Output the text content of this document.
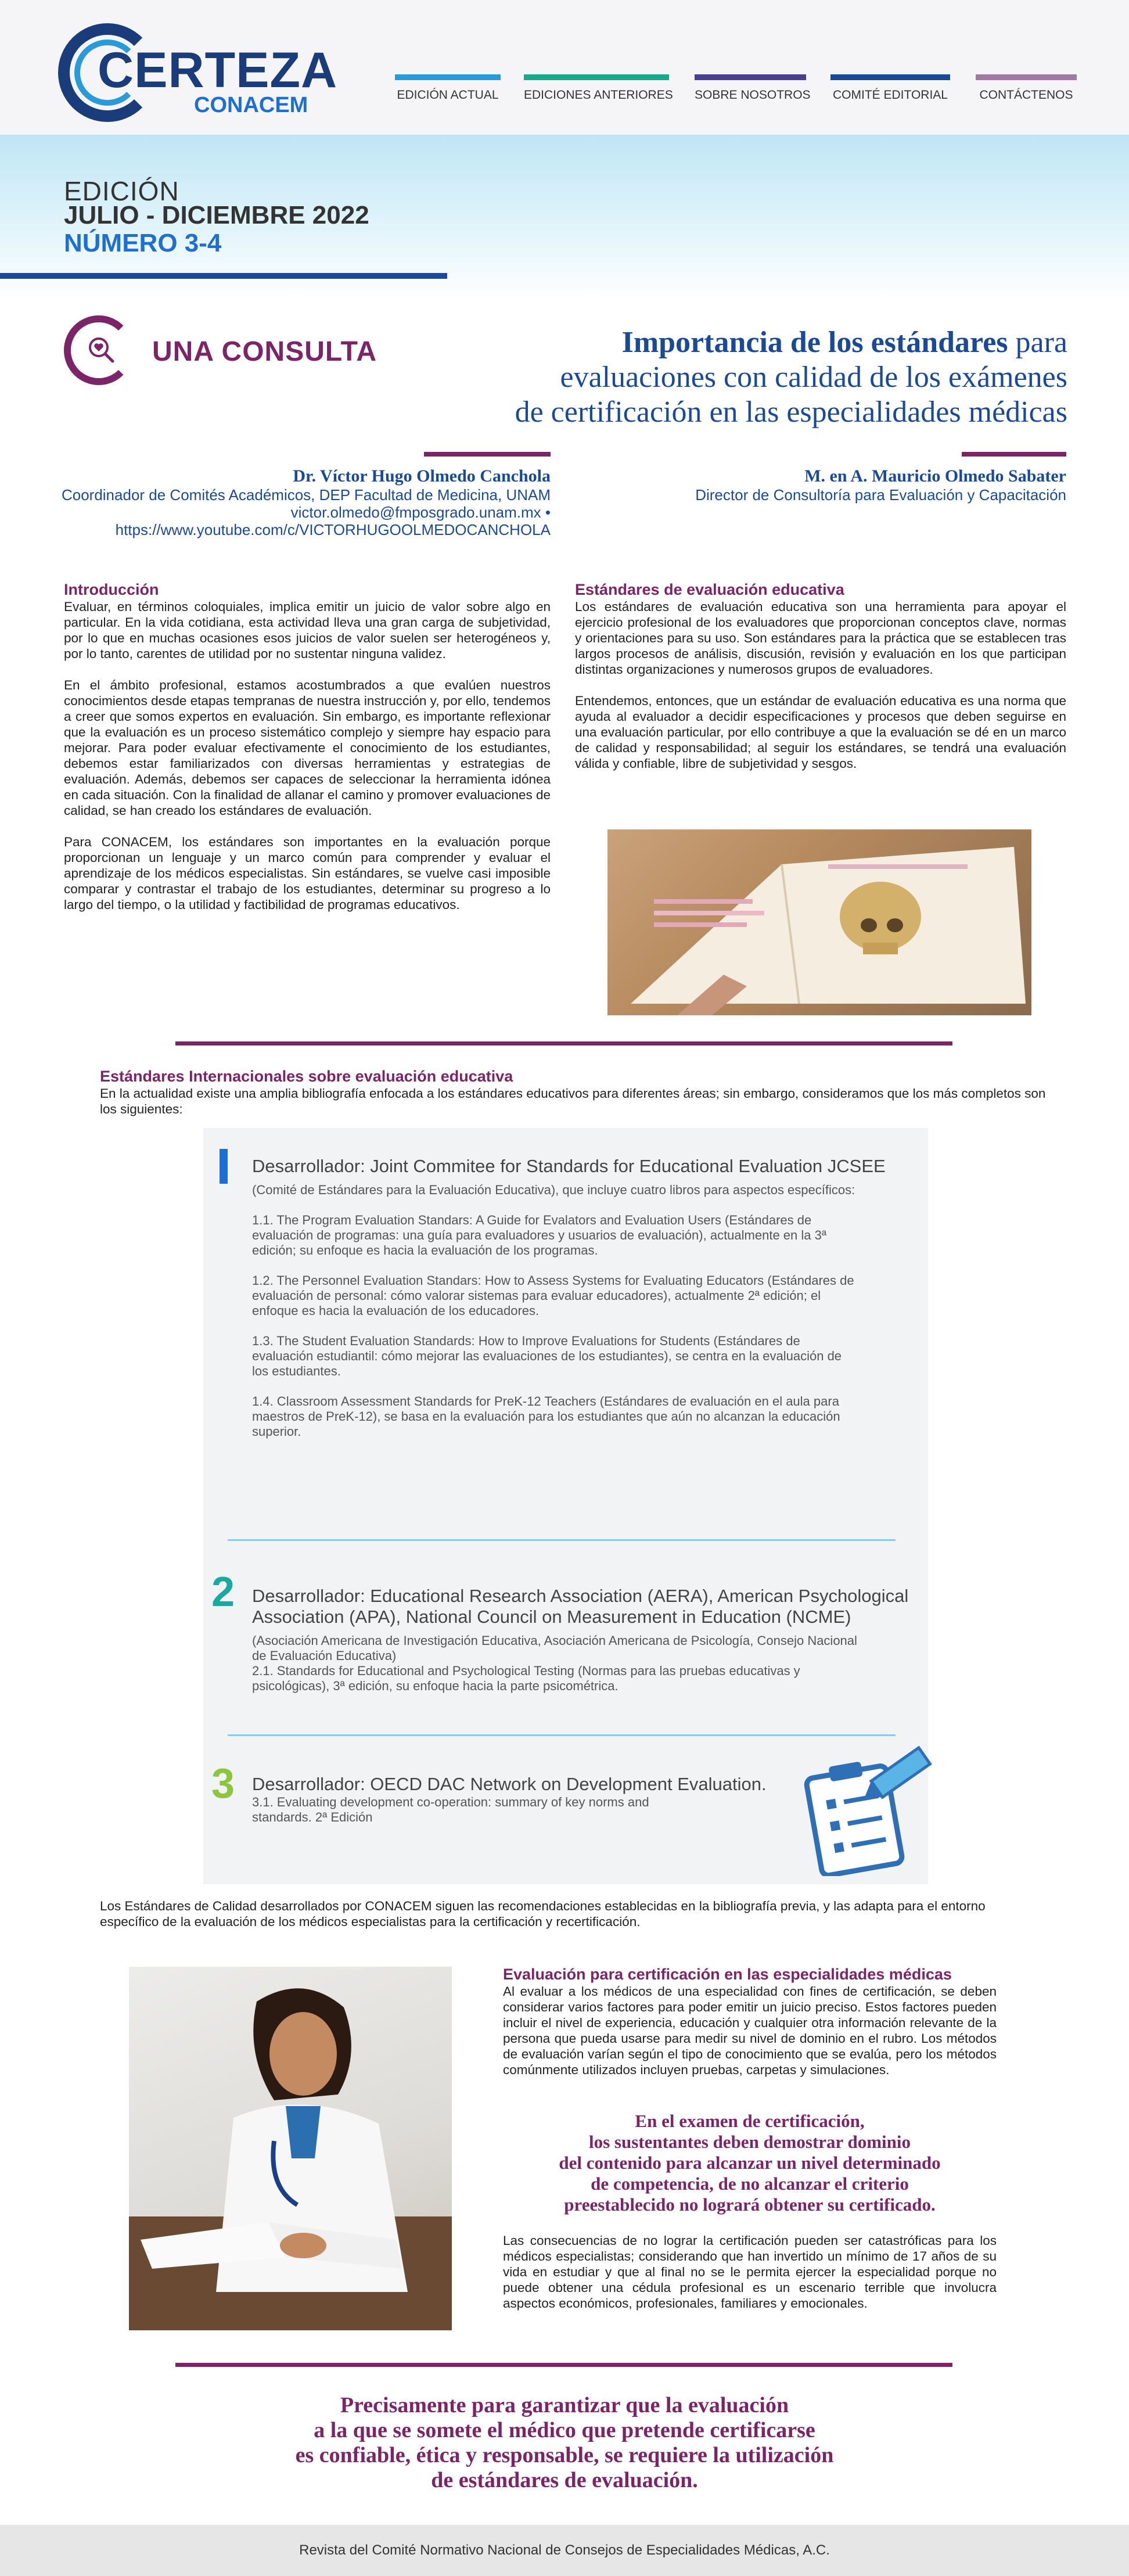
CERTEZA
CONACEM	EDICIÓN ACTUAL EDICIONES ANTERIORES SOBRE NOSOTROS COMITÉ EDITORIAL	CONTÁCTENOS
EDICIÓN
JULIO - DICIEMBRE 2022
NÚMERO 3-4
UNA CONSULTA	Importancia de los estándares para
evaluaciones con calidad de los exámenes
de certificación en las especialidades médicas
Dr. Víctor Hugo Olmedo Canchola
Coordinador de Comités Académicos, DEP Facultad de Medicina, UNAM
victor.olmedo@fmposgrado.unam.mx •
https://www.youtube.com/c/VICTORHUGOOLMEDOCANCHOLA
M. en A. Mauricio Olmedo Sabater
Director de Consultoría para Evaluación y Capacitación
Introducción
Evaluar, en términos coloquiales, implica emitir un juicio de valor sobre algo en particular. En la vida cotidiana, esta actividad lleva una gran carga de subjetividad, por lo que en muchas ocasiones esos juicios de valor suelen ser heterogéneos y, por lo tanto, carentes de utilidad por no sustentar ninguna validez.
En el ámbito profesional, estamos acostumbrados a que evalúen nuestros conocimientos desde etapas tempranas de nuestra instrucción y, por ello, tendemos a creer que somos expertos en evaluación. Sin embargo, es importante reflexionar que la evaluación es un proceso sistemático complejo y siempre hay espacio para mejorar. Para poder evaluar efectivamente el conocimiento de los estudiantes, debemos estar familiarizados con diversas herramientas y estrategias de evaluación. Además, debemos ser capaces de seleccionar la herramienta idónea en cada situación. Con la finalidad de allanar el camino y promover evaluaciones de calidad, se han creado los estándares de evaluación.
Para CONACEM, los estándares son importantes en la evaluación porque proporcionan un lenguaje y un marco común para comprender y evaluar el aprendizaje de los médicos especialistas. Sin estándares, se vuelve casi imposible comparar y contrastar el trabajo de los estudiantes, determinar su progreso a lo largo del tiempo, o la utilidad y factibilidad de programas educativos.
Estándares de evaluación educativa
Los estándares de evaluación educativa son una herramienta para apoyar el ejercicio profesional de los evaluadores que proporcionan conceptos clave, normas y orientaciones para su uso. Son estándares para la práctica que se establecen tras largos procesos de análisis, discusión, revisión y evaluación en los que participan distintas organizaciones y numerosos grupos de evaluadores.
Entendemos, entonces, que un estándar de evaluación educativa es una norma que ayuda al evaluador a decidir especificaciones y procesos que deben seguirse en una evaluación particular, por ello contribuye a que la evaluación se dé en un marco de calidad y responsabilidad; al seguir los estándares, se tendrá una evaluación válida y confiable, libre de subjetividad y sesgos.
Estándares Internacionales sobre evaluación educativa
En la actualidad existe una amplia bibliografía enfocada a los estándares educativos para diferentes áreas; sin embargo, consideramos que los más completos son los siguientes:
Desarrollador: Joint Commitee for Standards for Educational Evaluation JCSEE
(Comité de Estándares para la Evaluación Educativa), que incluye cuatro libros para aspectos específicos:
1.1. The Program Evaluation Standars: A Guide for Evalators and Evaluation Users (Estándares de evaluación de programas: una guía para evaluadores y usuarios de evaluación), actualmente en la 3ª edición; su enfoque es hacia la evaluación de los programas.
1.2. The Personnel Evaluation Standars: How to Assess Systems for Evaluating Educators (Estándares de evaluación de personal: cómo valorar sistemas para evaluar educadores), actualmente 2ª edición; el enfoque es hacia la evaluación de los educadores.
1.3. The Student Evaluation Standards: How to Improve Evaluations for Students (Estándares de evaluación estudiantil: cómo mejorar las evaluaciones de los estudiantes), se centra en la evaluación de los estudiantes.
1.4. Classroom Assessment Standards for PreK-12 Teachers (Estándares de evaluación en el aula para maestros de PreK-12), se basa en la evaluación para los estudiantes que aún no alcanzan la educación superior.
2 Desarrollador: Educational Research Association (AERA), American Psychological Association (APA), National Council on Measurement in Education (NCME)
(Asociación Americana de Investigación Educativa, Asociación Americana de Psicología, Consejo Nacional de Evaluación Educativa)
2.1. Standards for Educational and Psychological Testing (Normas para las pruebas educativas y psicológicas), 3ª edición, su enfoque hacia la parte psicométrica.
3 Desarrollador: OECD DAC Network on Development Evaluation.
3.1. Evaluating development co-operation: summary of key norms and standards. 2ª Edición
Los Estándares de Calidad desarrollados por CONACEM siguen las recomendaciones establecidas en la bibliografía previa, y las adapta para el entorno específico de la evaluación de los médicos especialistas para la certificación y recertificación.
Evaluación para certificación en las especialidades médicas
Al evaluar a los médicos de una especialidad con fines de certificación, se deben considerar varios factores para poder emitir un juicio preciso. Estos factores pueden incluir el nivel de experiencia, educación y cualquier otra información relevante de la persona que pueda usarse para medir su nivel de dominio en el rubro. Los métodos de evaluación varían según el tipo de conocimiento que se evalúa, pero los métodos comúnmente utilizados incluyen pruebas, carpetas y simulaciones.
En el examen de certificación,
los sustentantes deben demostrar dominio
del contenido para alcanzar un nivel determinado
de competencia, de no alcanzar el criterio
preestablecido no logrará obtener su certificado.
Las consecuencias de no lograr la certificación pueden ser catastróficas para los médicos especialistas; considerando que han invertido un mínimo de 17 años de su vida en estudiar y que al final no se le permita ejercer la especialidad porque no puede obtener una cédula profesional es un escenario terrible que involucra aspectos económicos, profesionales, familiares y emocionales.
Precisamente para garantizar que la evaluación
a la que se somete el médico que pretende certificarse
es confiable, ética y responsable, se requiere la utilización
de estándares de evaluación.
Revista del Comité Normativo Nacional de Consejos de Especialidades Médicas, A.C.
